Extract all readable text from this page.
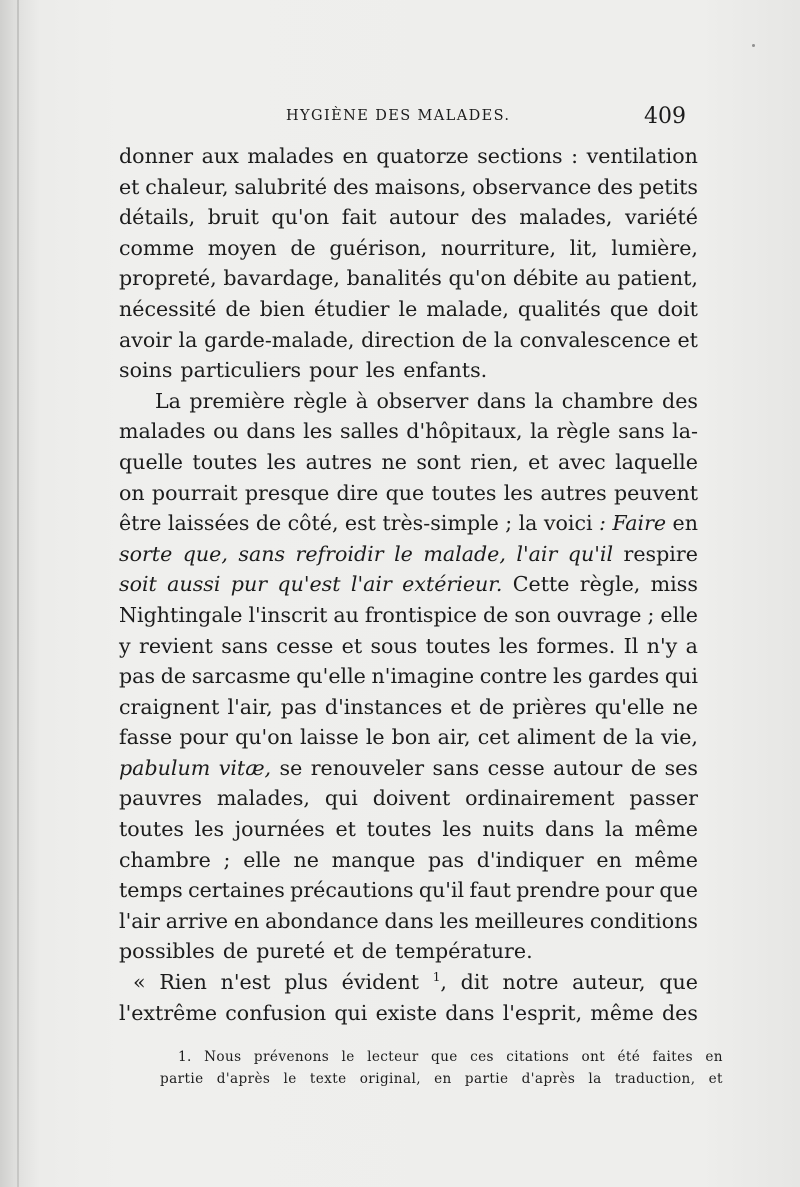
HYGIÈNE DES MALADES.	409
donner aux malades en quatorze sections : ventilation
et chaleur, salubrité des maisons, observance des petits
détails, bruit qu'on fait autour des malades, variété
comme moyen de guérison, nourriture, lit, lumière,
propreté, bavardage, banalités qu'on débite au patient,
nécessité de bien étudier le malade, qualités que doit
avoir la garde-malade, direction de la convalescence et
soins particuliers pour les enfants.
La première règle à observer dans la chambre des
malades ou dans les salles d'hôpitaux, la règle sans la-
quelle toutes les autres ne sont rien, et avec laquelle
on pourrait presque dire que toutes les autres peuvent
être laissées de côté, est très-simple ; la voici : Faire en
sorte que, sans refroidir le malade, l'air qu'il respire
soit aussi pur qu'est l'air extérieur. Cette règle, miss
Nightingale l'inscrit au frontispice de son ouvrage ; elle
y revient sans cesse et sous toutes les formes. Il n'y a
pas de sarcasme qu'elle n'imagine contre les gardes qui
craignent l'air, pas d'instances et de prières qu'elle ne
fasse pour qu'on laisse le bon air, cet aliment de la vie,
pabulum vitæ, se renouveler sans cesse autour de ses
pauvres malades, qui doivent ordinairement passer
toutes les journées et toutes les nuits dans la même
chambre ; elle ne manque pas d'indiquer en même
temps certaines précautions qu'il faut prendre pour que
l'air arrive en abondance dans les meilleures conditions
possibles de pureté et de température.
« Rien n'est plus évident $^1$, dit notre auteur, que
l'extrême confusion qui existe dans l'esprit, même des
1. Nous prévenons le lecteur que ces citations ont été faites en
partie d'après le texte original, en partie d'après la traduction, et
